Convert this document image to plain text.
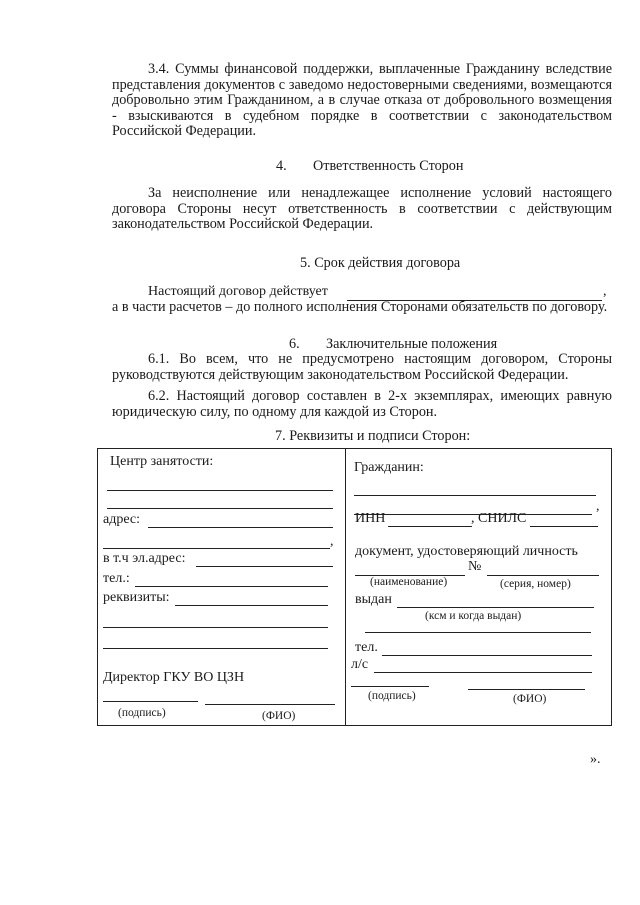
3.4. Суммы финансовой поддержки, выплаченные Гражданину вследствие представления документов с заведомо недостоверными сведениями, возмещаются добровольно этим Гражданином, а в случае отказа от добровольного возмещения - взыскиваются в судебном порядке в соответствии с законодательством Российской Федерации.

4. Ответственность Сторон

За неисполнение или ненадлежащее исполнение условий настоящего договора Стороны несут ответственность в соответствии с действующим законодательством Российской Федерации.

5. Срок действия договора

Настоящий договор действует	,

а в части расчетов – до полного исполнения Сторонами обязательств по договору.

6. Заключительные положения

6.1. Во всем, что не предусмотрено настоящим договором, Стороны руководствуются действующим законодательством Российской Федерации.

6.2. Настоящий договор составлен в 2-х экземплярах, имеющих равную юридическую силу, по одному для каждой из Сторон.

7. Реквизиты и подписи Сторон:

Центр занятости:

адрес:

,

в т.ч эл.адрес:

тел.:

реквизиты:

Директор ГКУ ВО ЦЗН

(подпись)	(ФИО)

Гражданин:

,

ИНН	, СНИЛС

документ, удостоверяющий личность

№

(наименование)	(серия, номер)

выдан

(ксм и когда выдан)

тел.

л/с

(подпись)	(ФИО)

».
